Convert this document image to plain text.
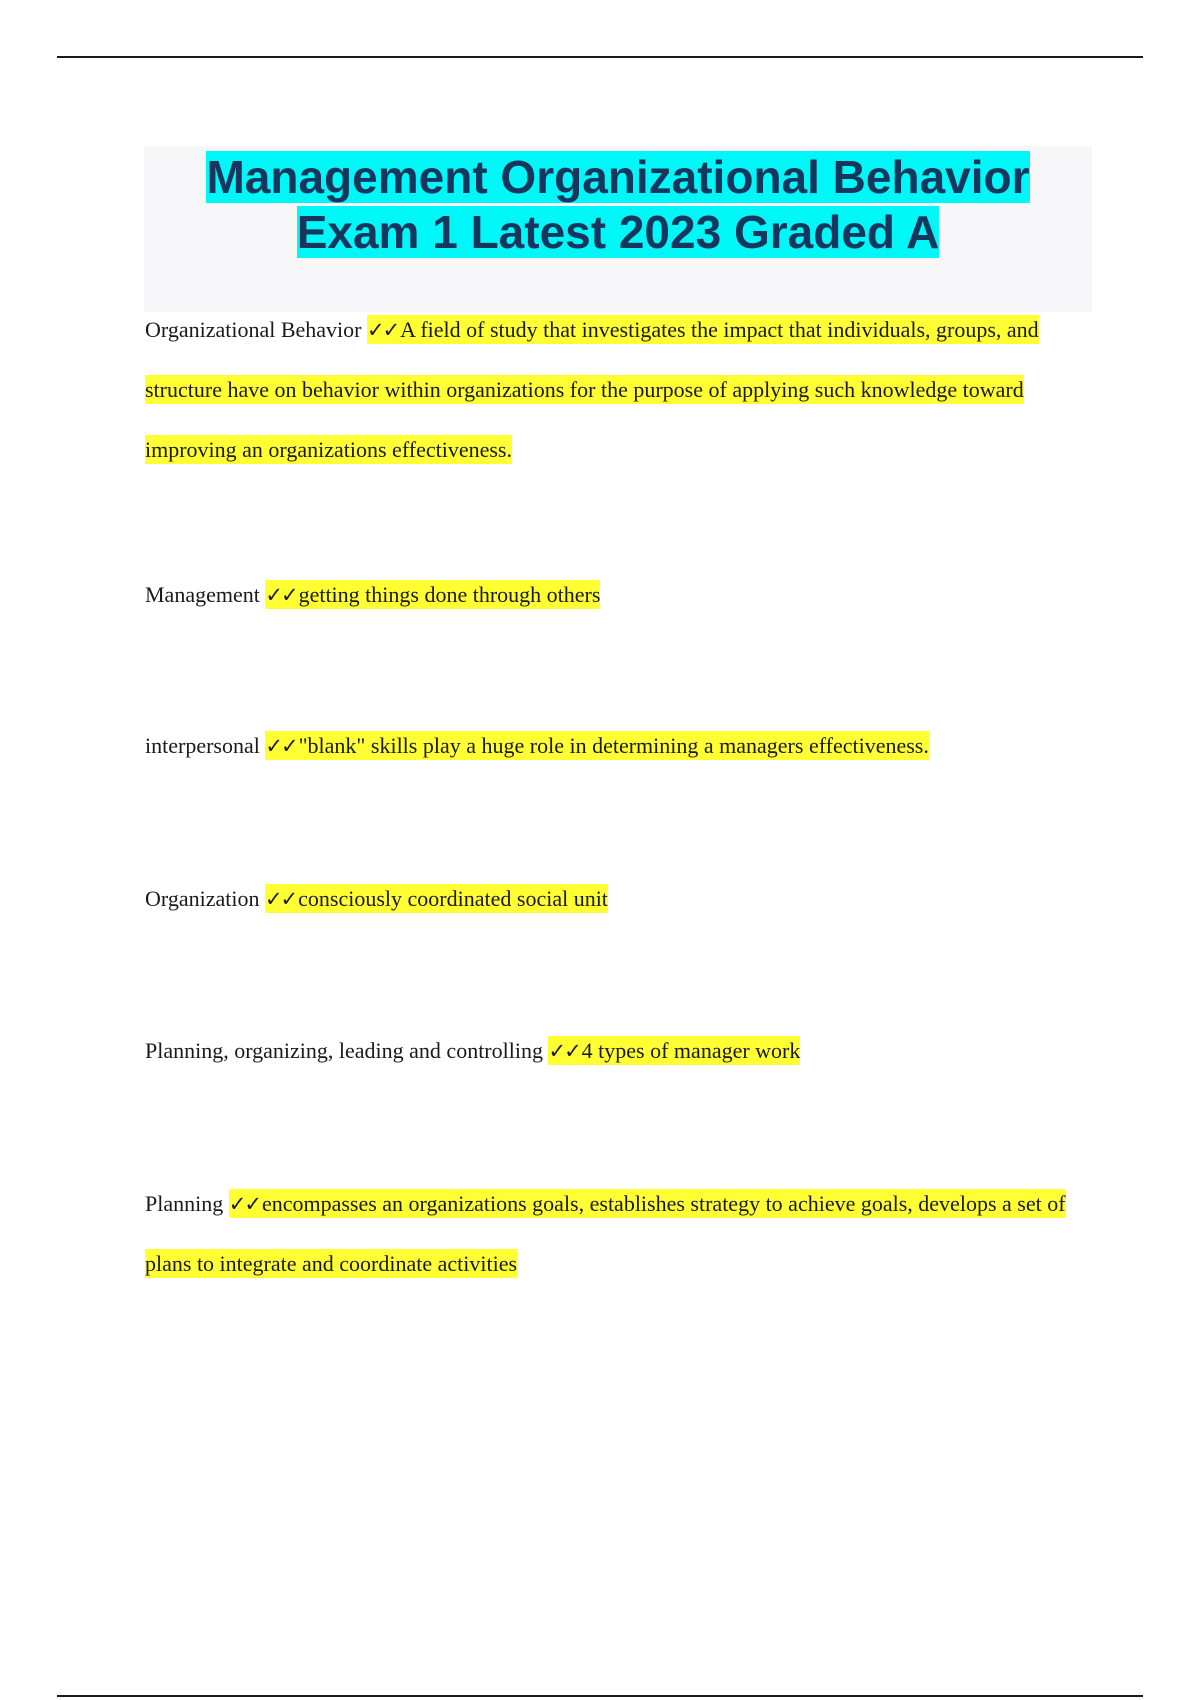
Management Organizational Behavior
Exam 1 Latest 2023 Graded A
Organizational Behavior ✓✓A field of study that investigates the impact that individuals, groups, and structure have on behavior within organizations for the purpose of applying such knowledge toward improving an organizations effectiveness.
Management ✓✓getting things done through others
interpersonal ✓✓"blank" skills play a huge role in determining a managers effectiveness.
Organization ✓✓consciously coordinated social unit
Planning, organizing, leading and controlling ✓✓4 types of manager work
Planning ✓✓encompasses an organizations goals, establishes strategy to achieve goals, develops a set of plans to integrate and coordinate activities
